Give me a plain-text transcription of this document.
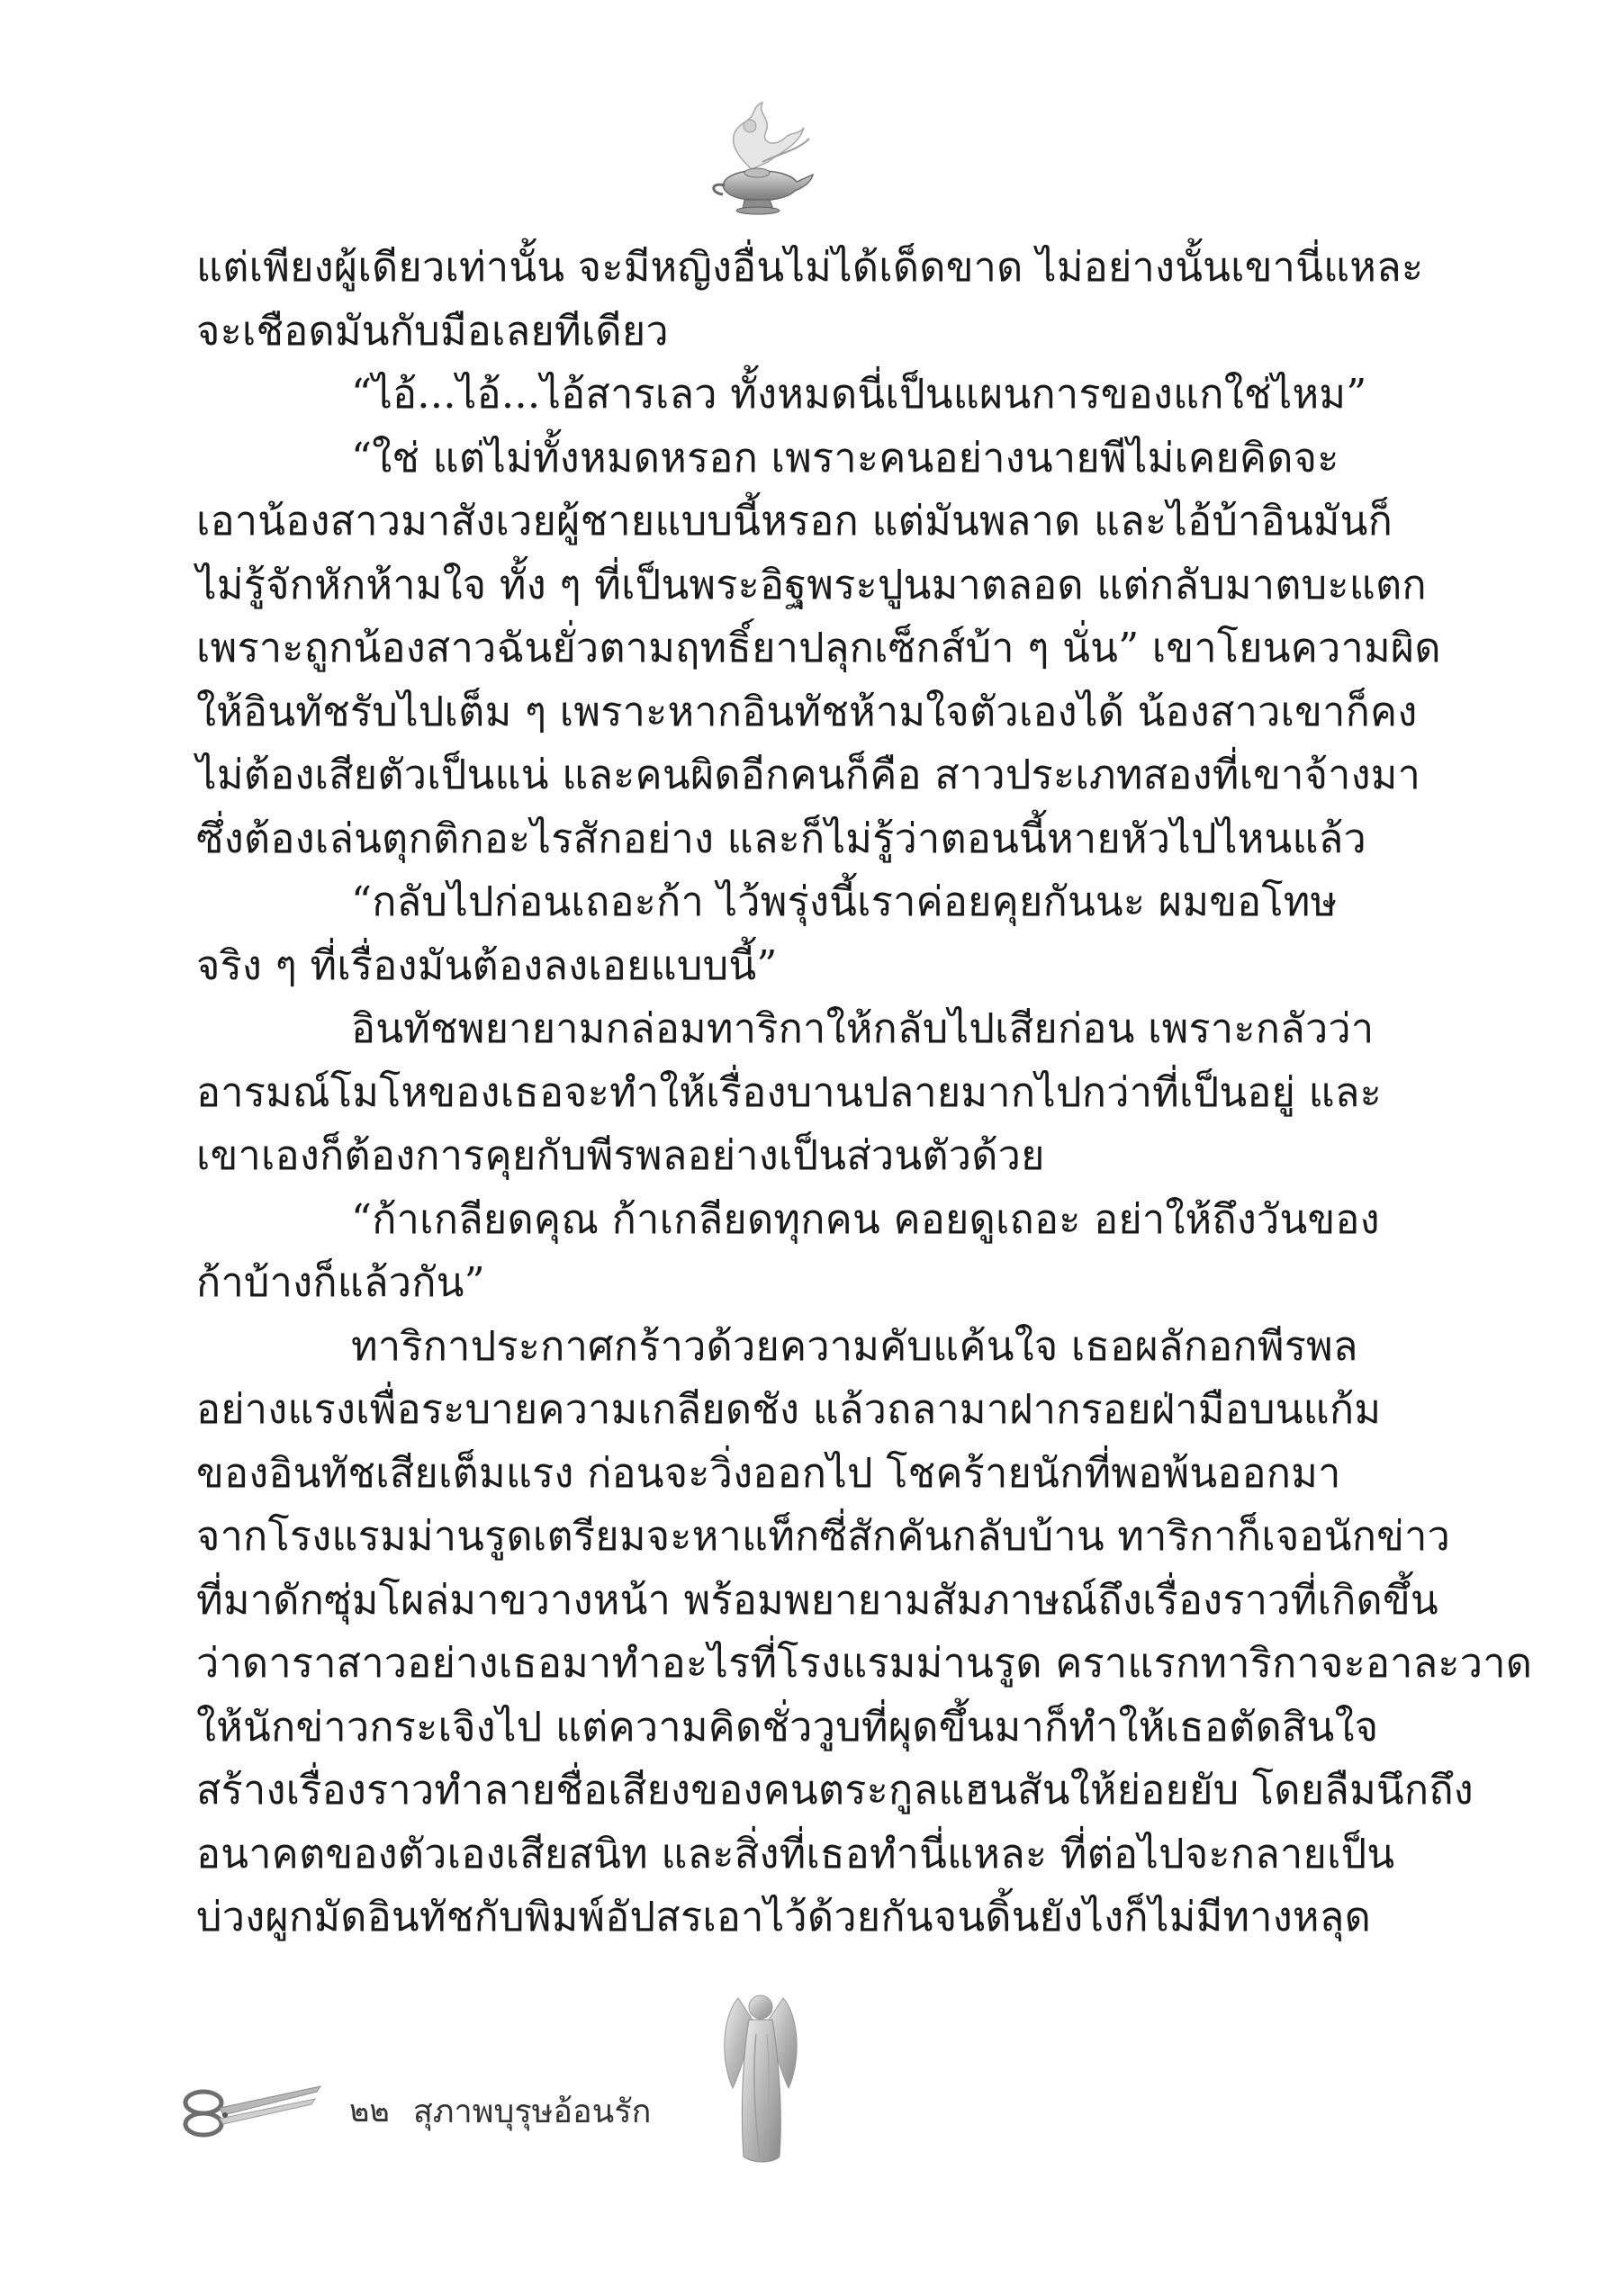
แต่เพียงผู้เดียวเท่านั้น จะมีหญิงอื่นไม่ได้เด็ดขาด ไม่อย่างนั้นเขานี่แหละ
จะเชือดมันกับมือเลยทีเดียว
“ไอ้...ไอ้...ไอ้สารเลว ทั้งหมดนี่เป็นแผนการของแกใช่ไหม”
“ใช่ แต่ไม่ทั้งหมดหรอก เพราะคนอย่างนายพีไม่เคยคิดจะ
เอาน้องสาวมาสังเวยผู้ชายแบบนี้หรอก แต่มันพลาด และไอ้บ้าอินมันก็
ไม่รู้จักหักห้ามใจ ทั้ง ๆ ที่เป็นพระอิฐพระปูนมาตลอด แต่กลับมาตบะแตก
เพราะถูกน้องสาวฉันยั่วตามฤทธิ์ยาปลุกเซ็กส์บ้า ๆ นั่น” เขาโยนความผิด
ให้อินทัชรับไปเต็ม ๆ เพราะหากอินทัชห้ามใจตัวเองได้ น้องสาวเขาก็คง
ไม่ต้องเสียตัวเป็นแน่ และคนผิดอีกคนก็คือ สาวประเภทสองที่เขาจ้างมา
ซึ่งต้องเล่นตุกติกอะไรสักอย่าง และก็ไม่รู้ว่าตอนนี้หายหัวไปไหนแล้ว
“กลับไปก่อนเถอะก้า ไว้พรุ่งนี้เราค่อยคุยกันนะ ผมขอโทษ
จริง ๆ ที่เรื่องมันต้องลงเอยแบบนี้”
อินทัชพยายามกล่อมทาริกาให้กลับไปเสียก่อน เพราะกลัวว่า
อารมณ์โมโหของเธอจะทำให้เรื่องบานปลายมากไปกว่าที่เป็นอยู่ และ
เขาเองก็ต้องการคุยกับพีรพลอย่างเป็นส่วนตัวด้วย
“ก้าเกลียดคุณ ก้าเกลียดทุกคน คอยดูเถอะ อย่าให้ถึงวันของ
ก้าบ้างก็แล้วกัน”
ทาริกาประกาศกร้าวด้วยความคับแค้นใจ เธอผลักอกพีรพล
อย่างแรงเพื่อระบายความเกลียดชัง แล้วถลามาฝากรอยฝ่ามือบนแก้ม
ของอินทัชเสียเต็มแรง ก่อนจะวิ่งออกไป โชคร้ายนักที่พอพ้นออกมา
จากโรงแรมม่านรูดเตรียมจะหาแท็กซี่สักคันกลับบ้าน ทาริกาก็เจอนักข่าว
ที่มาดักซุ่มโผล่มาขวางหน้า พร้อมพยายามสัมภาษณ์ถึงเรื่องราวที่เกิดขึ้น
ว่าดาราสาวอย่างเธอมาทำอะไรที่โรงแรมม่านรูด คราแรกทาริกาจะอาละวาด
ให้นักข่าวกระเจิงไป แต่ความคิดชั่ววูบที่ผุดขึ้นมาก็ทำให้เธอตัดสินใจ
สร้างเรื่องราวทำลายชื่อเสียงของคนตระกูลแฮนสันให้ย่อยยับ โดยลืมนึกถึง
อนาคตของตัวเองเสียสนิท และสิ่งที่เธอทำนี่แหละ ที่ต่อไปจะกลายเป็น
บ่วงผูกมัดอินทัชกับพิมพ์อัปสรเอาไว้ด้วยกันจนดิ้นยังไงก็ไม่มีทางหลุด
๒๒ สุภาพบุรุษอ้อนรัก
